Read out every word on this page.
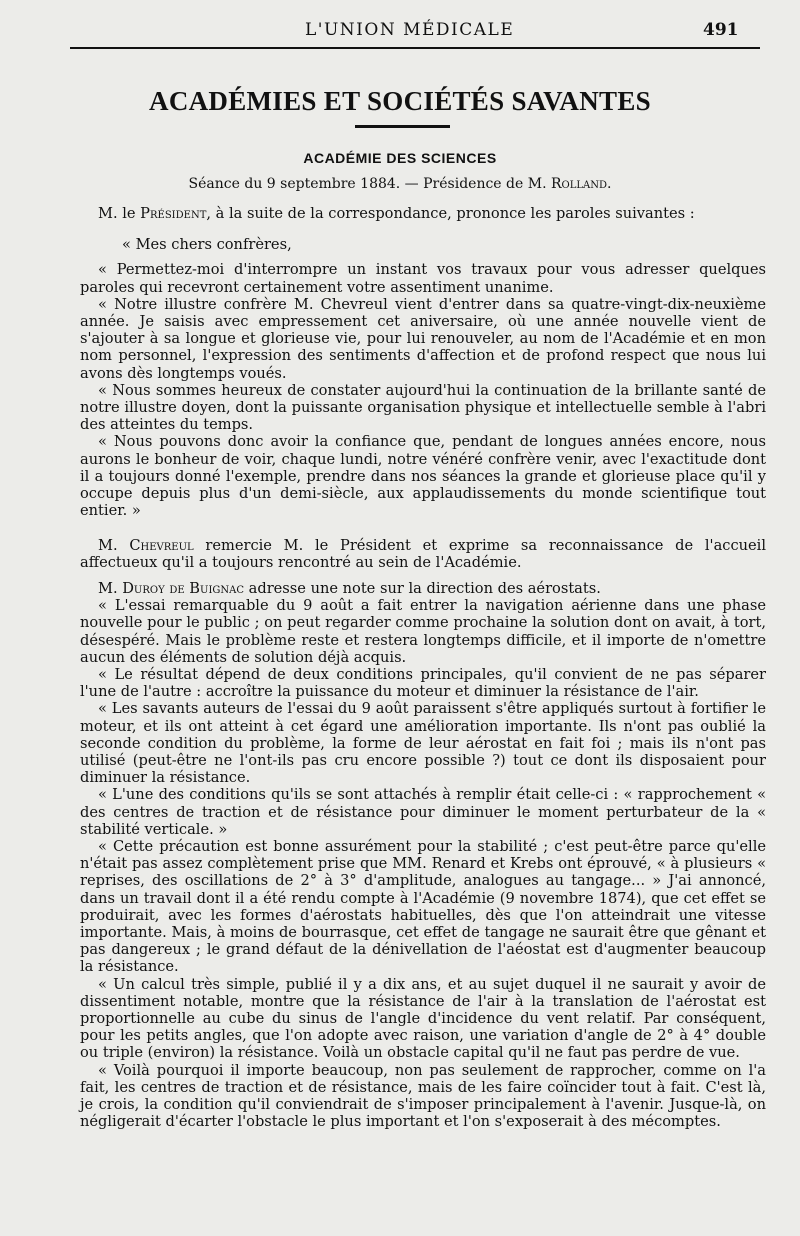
L'UNION MÉDICALE	491
ACADÉMIES ET SOCIÉTÉS SAVANTES
ACADÉMIE DES SCIENCES
Séance du 9 septembre 1884. — Présidence de M. Rolland.

M. le Président, à la suite de la correspondance, prononce les paroles suivantes :

« Mes chers confrères,

« Permettez-moi d'interrompre un instant vos travaux pour vous adresser quelques paroles qui recevront certainement votre assentiment unanime.

« Notre illustre confrère M. Chevreul vient d'entrer dans sa quatre-vingt-dix-neuxième année. Je saisis avec empressement cet aniversaire, où une année nouvelle vient de s'ajouter à sa longue et glorieuse vie, pour lui renouveler, au nom de l'Académie et en mon nom personnel, l'expression des sentiments d'affection et de profond respect que nous lui avons dès longtemps voués.

« Nous sommes heureux de constater aujourd'hui la continuation de la brillante santé de notre illustre doyen, dont la puissante organisation physique et intellectuelle semble à l'abri des atteintes du temps.

« Nous pouvons donc avoir la confiance que, pendant de longues années encore, nous aurons le bonheur de voir, chaque lundi, notre vénéré confrère venir, avec l'exactitude dont il a toujours donné l'exemple, prendre dans nos séances la grande et glorieuse place qu'il y occupe depuis plus d'un demi-siècle, aux applaudissements du monde scientifique tout entier. »

M. Chevreul remercie M. le Président et exprime sa reconnaissance de l'accueil affectueux qu'il a toujours rencontré au sein de l'Académie.

M. Duroy de Buignac adresse une note sur la direction des aérostats.

« L'essai remarquable du 9 août a fait entrer la navigation aérienne dans une phase nouvelle pour le public ; on peut regarder comme prochaine la solution dont on avait, à tort, désespéré. Mais le problème reste et restera longtemps difficile, et il importe de n'omettre aucun des éléments de solution déjà acquis.

« Le résultat dépend de deux conditions principales, qu'il convient de ne pas séparer l'une de l'autre : accroître la puissance du moteur et diminuer la résistance de l'air.

« Les savants auteurs de l'essai du 9 août paraissent s'être appliqués surtout à fortifier le moteur, et ils ont atteint à cet égard une amélioration importante. Ils n'ont pas oublié la seconde condition du problème, la forme de leur aérostat en fait foi ; mais ils n'ont pas utilisé (peut-être ne l'ont-ils pas cru encore possible ?) tout ce dont ils disposaient pour diminuer la résistance.

« L'une des conditions qu'ils se sont attachés à remplir était celle-ci : « rapprochement « des centres de traction et de résistance pour diminuer le moment perturbateur de la « stabilité verticale. »

« Cette précaution est bonne assurément pour la stabilité ; c'est peut-être parce qu'elle n'était pas assez complètement prise que MM. Renard et Krebs ont éprouvé, « à plusieurs « reprises, des oscillations de 2° à 3° d'amplitude, analogues au tangage... » J'ai annoncé, dans un travail dont il a été rendu compte à l'Académie (9 novembre 1874), que cet effet se produirait, avec les formes d'aérostats habituelles, dès que l'on atteindrait une vitesse importante. Mais, à moins de bourrasque, cet effet de tangage ne saurait être que gênant et pas dangereux ; le grand défaut de la dénivellation de l'aéostat est d'augmenter beaucoup la résistance.

« Un calcul très simple, publié il y a dix ans, et au sujet duquel il ne saurait y avoir de dissentiment notable, montre que la résistance de l'air à la translation de l'aérostat est proportionnelle au cube du sinus de l'angle d'incidence du vent relatif. Par conséquent, pour les petits angles, que l'on adopte avec raison, une variation d'angle de 2° à 4° double ou triple (environ) la résistance. Voilà un obstacle capital qu'il ne faut pas perdre de vue.

« Voilà pourquoi il importe beaucoup, non pas seulement de rapprocher, comme on l'a fait, les centres de traction et de résistance, mais de les faire coïncider tout à fait. C'est là, je crois, la condition qu'il conviendrait de s'imposer principalement à l'avenir. Jusque-là, on négligerait d'écarter l'obstacle le plus important et l'on s'exposerait à des mécomptes.
